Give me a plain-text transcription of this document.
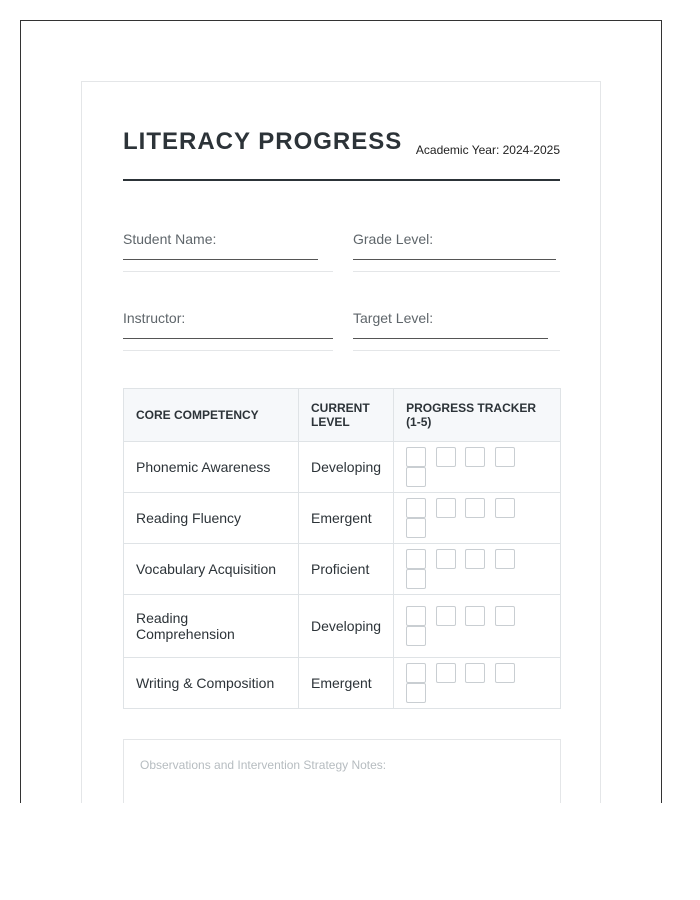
LITERACY PROGRESS Academic Year: 2024-2025
Student Name:	Grade Level:
Instructor:	Target Level:
CORE COMPETENCY	CURRENT LEVEL	PROGRESS TRACKER (1-5)
Phonemic Awareness	Developing	
Reading Fluency	Emergent	
Vocabulary Acquisition	Proficient	
Reading Comprehension	Developing	
Writing & Composition	Emergent	
Observations and Intervention Strategy Notes:
